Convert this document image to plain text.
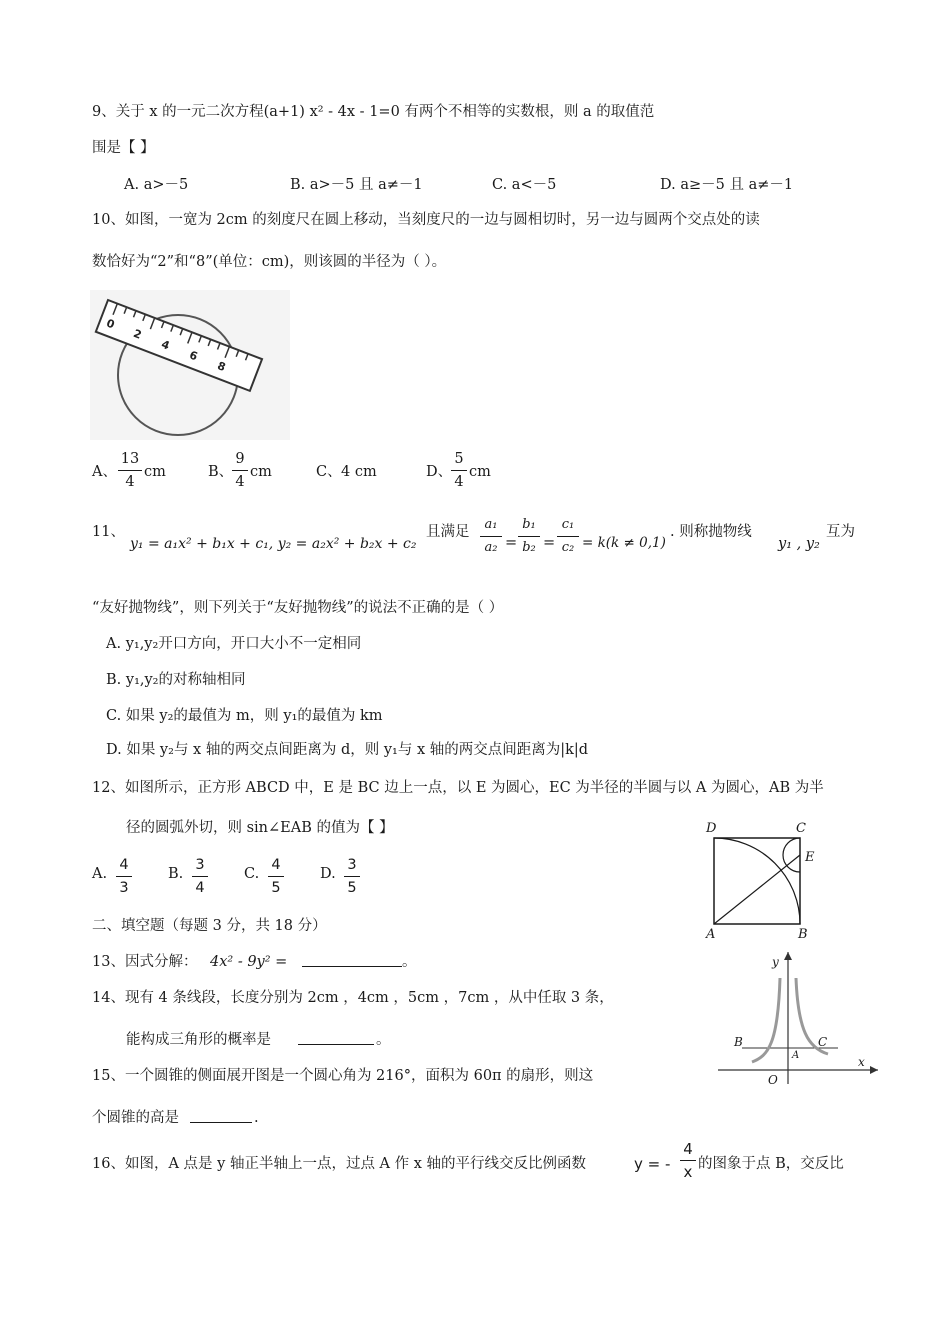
9、关于 x 的一元二次方程(a+1) x² - 4x - 1=0 有两个不相等的实数根，则 a 的取值范
围是【 】
A. a>－5	B. a>－5 且 a≠－1	C. a<－5	D. a≥－5 且 a≠－1
10、如图，一宽为 2cm 的刻度尺在圆上移动，当刻度尺的一边与圆相切时，另一边与圆两个交点处的读
数恰好为“2”和“8”(单位：cm)，则该圆的半径为（ ）。
0
2
4
6
8
A、
13
4
cm	B、
9
4
cm	C、 4 cm	D、
5
4
cm
11、
y₁ = a₁x² + b₁x + c₁, y₂ = a₂x² + b₂x + c₂
且满足	a₁
a₂ =
b₁
b₂ =
c₁
c₂ = k(k ≠ 0,1)
. 则称抛物线
y₁ , y₂
互为
“友好抛物线”，则下列关于“友好抛物线”的说法不正确的是（ ）
A. y₁,y₂开口方向，开口大小不一定相同
B. y₁,y₂的对称轴相同
C. 如果 y₂的最值为 m，则 y₁的最值为 km
D. 如果 y₂与 x 轴的两交点间距离为 d，则 y₁与 x 轴的两交点间距离为|k|d
12、如图所示，正方形 ABCD 中，E 是 BC 边上一点，以 E 为圆心，EC 为半径的半圆与以 A 为圆心，AB 为半
径的圆弧外切，则 sin∠EAB 的值为【 】
A.
4
3
B.
3
4
C.
4
5
D.
3
5
D	C
E
A	B
二、填空题（每题 3 分，共 18 分）
13、因式分解： 4x² - 9y² =	。
14、现有 4 条线段，长度分别为 2cm ，4cm ，5cm ，7cm ，从中任取 3 条，
能构成三角形的概率是	。
15、一个圆锥的侧面展开图是一个圆心角为 216°，面积为 60π 的扇形，则这
个圆锥的高是	.
16、如图，A 点是 y 轴正半轴上一点，过点 A 作 x 轴的平行线交反比例函数	y = -
4
x 的图象于点 B，交反比
y
x
O
A
B	C
